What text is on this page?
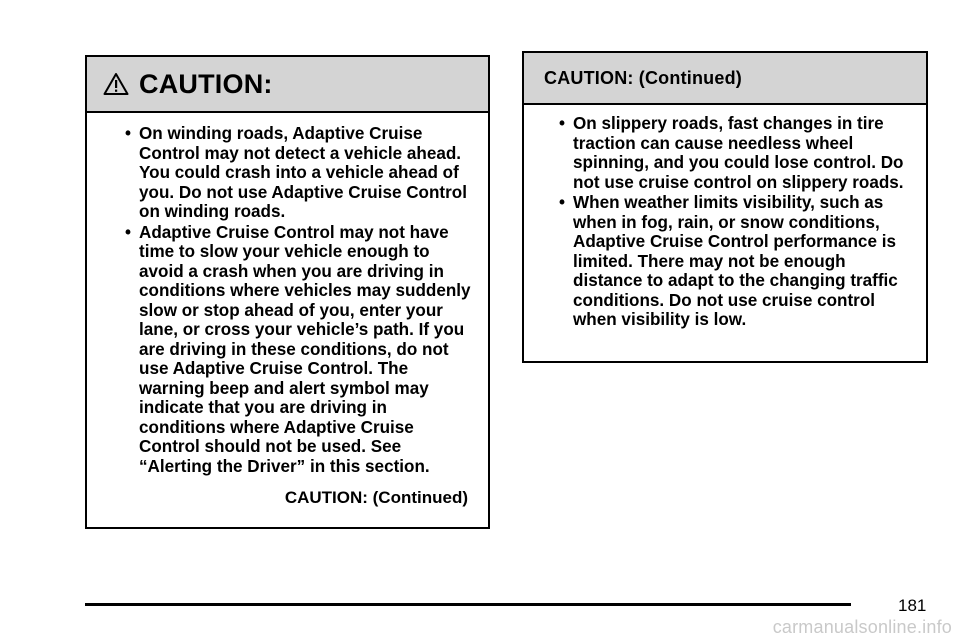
CAUTION:
• On winding roads, Adaptive Cruise Control may not detect a vehicle ahead. You could crash into a vehicle ahead of you. Do not use Adaptive Cruise Control on winding roads.
• Adaptive Cruise Control may not have time to slow your vehicle enough to avoid a crash when you are driving in conditions where vehicles may suddenly slow or stop ahead of you, enter your lane, or cross your vehicle’s path. If you are driving in these conditions, do not use Adaptive Cruise Control. The warning beep and alert symbol may indicate that you are driving in conditions where Adaptive Cruise Control should not be used. See “Alerting the Driver” in this section.
CAUTION: (Continued)
CAUTION: (Continued)
• On slippery roads, fast changes in tire traction can cause needless wheel spinning, and you could lose control. Do not use cruise control on slippery roads.
• When weather limits visibility, such as when in fog, rain, or snow conditions, Adaptive Cruise Control performance is limited. There may not be enough distance to adapt to the changing traffic conditions. Do not use cruise control when visibility is low.
181
carmanualsonline.info
